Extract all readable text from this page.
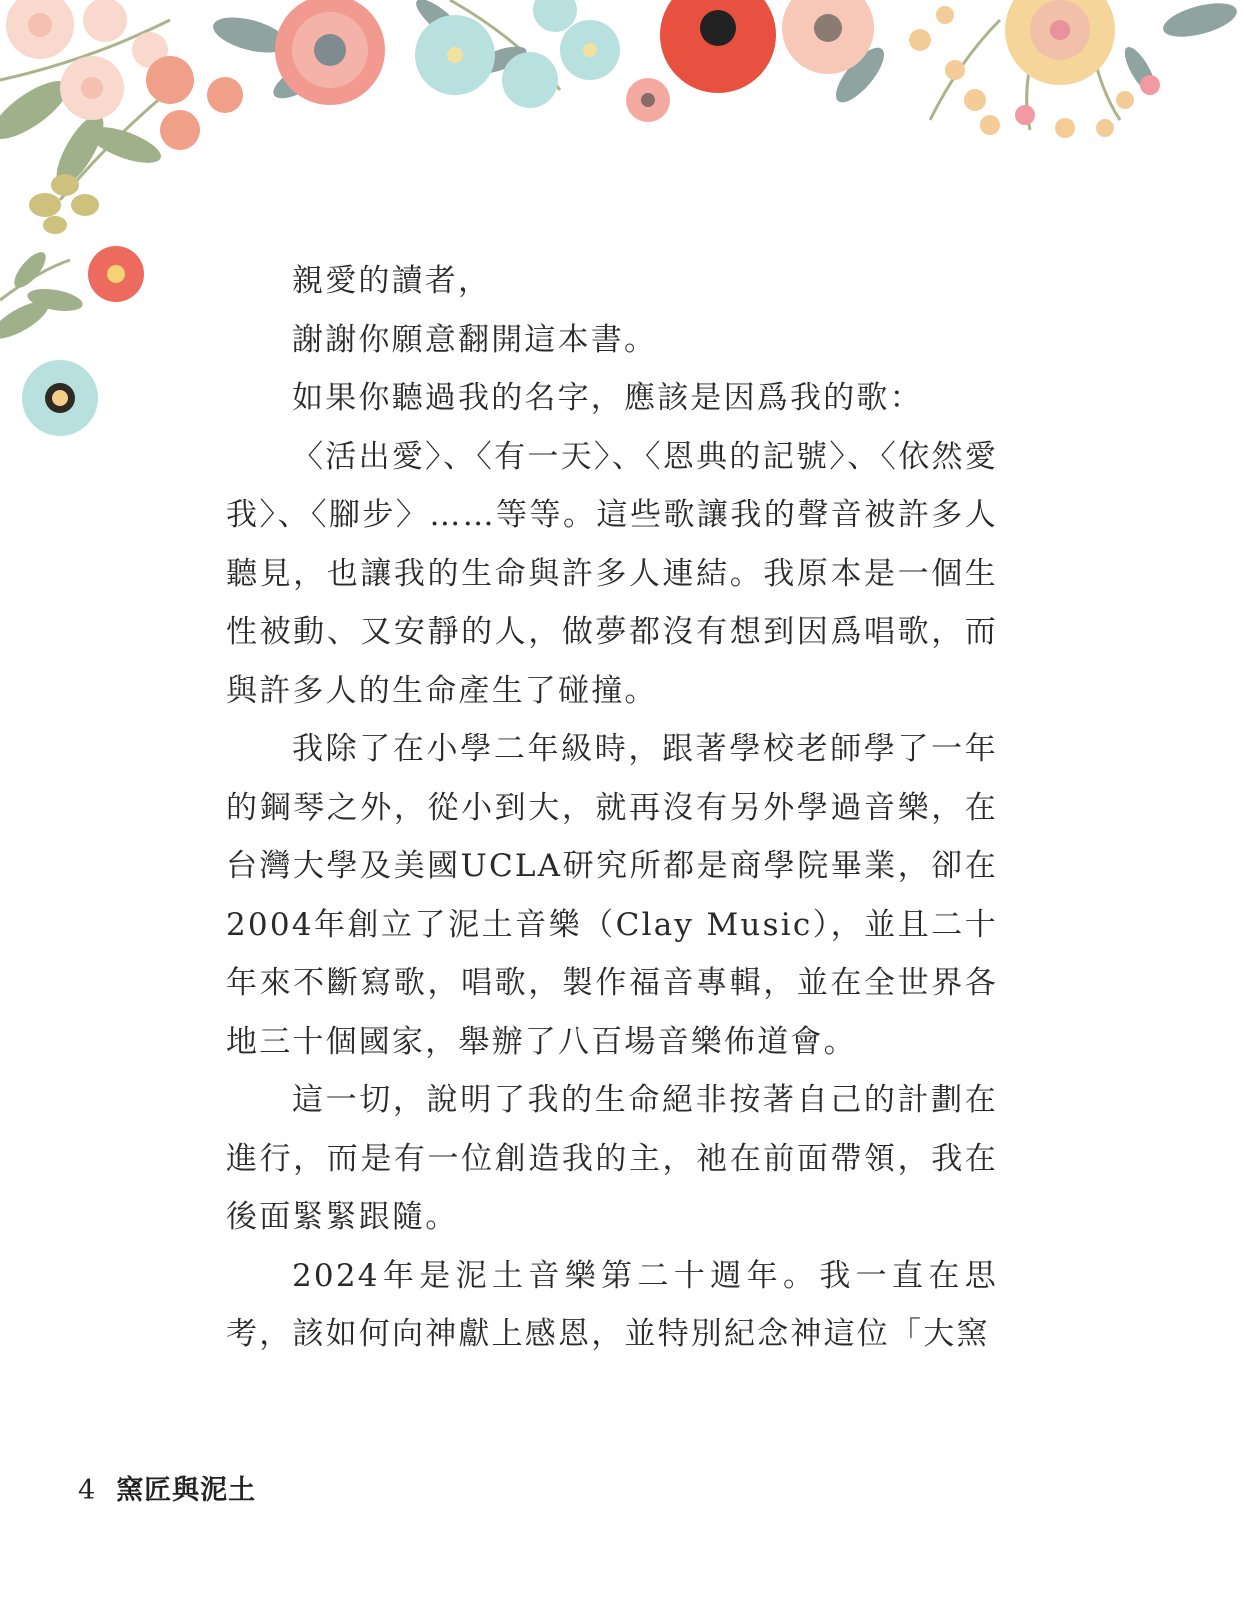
親愛的讀者，

謝謝你願意翻開這本書。

如果你聽過我的名字，應該是因爲我的歌：

〈活出愛〉、〈有一天〉、〈恩典的記號〉、〈依然愛我〉、〈腳步〉……等等。這些歌讓我的聲音被許多人聽見，也讓我的生命與許多人連結。我原本是一個生性被動、又安靜的人，做夢都沒有想到因爲唱歌，而與許多人的生命產生了碰撞。

我除了在小學二年級時，跟著學校老師學了一年的鋼琴之外，從小到大，就再沒有另外學過音樂，在台灣大學及美國UCLA研究所都是商學院畢業，卻在2004年創立了泥土音樂（Clay Music），並且二十年來不斷寫歌，唱歌，製作福音專輯，並在全世界各地三十個國家，舉辦了八百場音樂佈道會。

這一切，說明了我的生命絕非按著自己的計劃在進行，而是有一位創造我的主，祂在前面帶領，我在後面緊緊跟隨。

2024年是泥土音樂第二十週年。我一直在思考，該如何向神獻上感恩，並特別紀念神這位「大窯

4 窯匠與泥土
